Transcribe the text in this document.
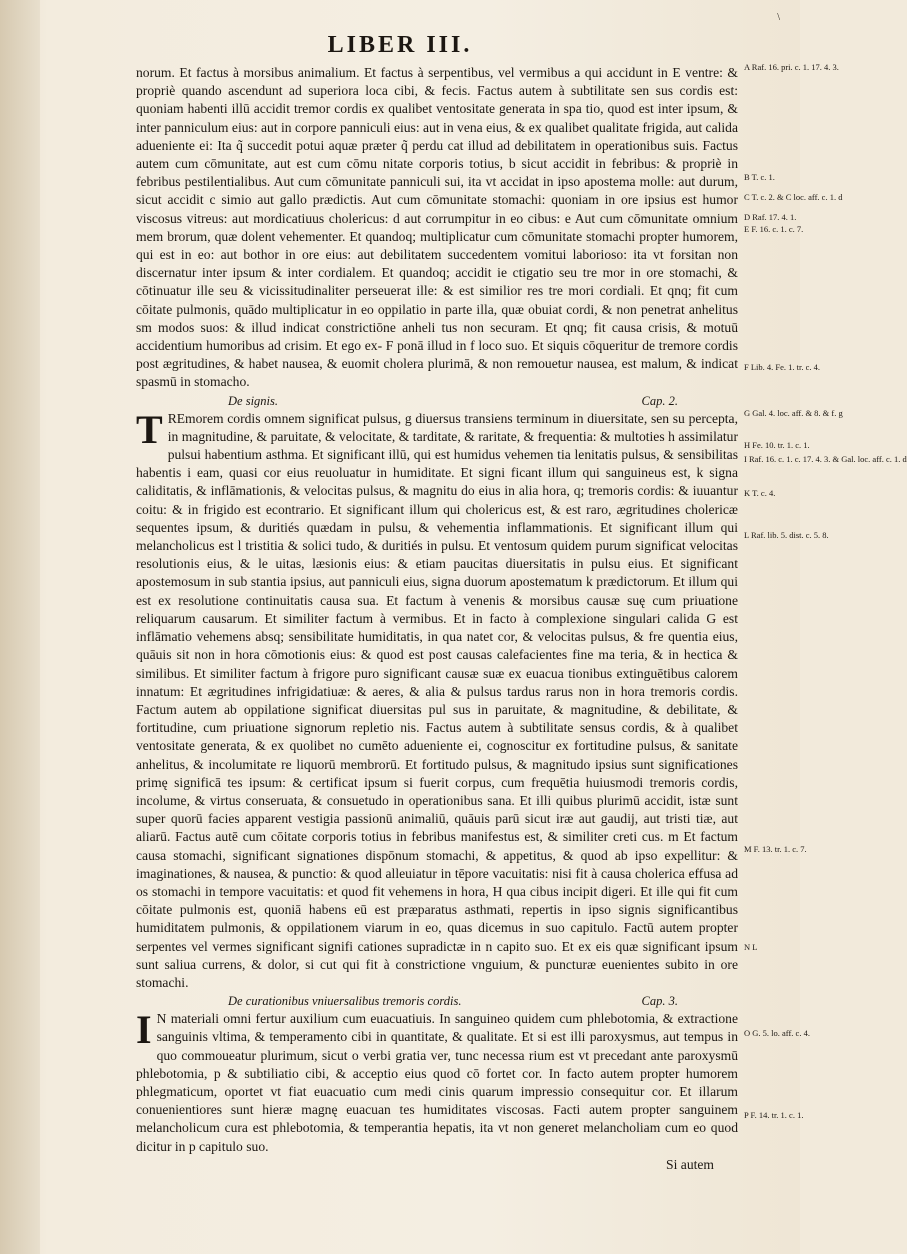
\
LIBER III.

norum. Et factus à morsibus animalium. Et factus à serpentibus, vel vermibus a qui accidunt in E ventre: & propriè quando ascendunt ad superiora loca cibi, & fecis. Factus autem à subtilitate sen sus cordis est: quoniam habenti illū accidit tremor cordis ex qualibet ventositate generata in spa tio, quod est inter ipsum, & inter panniculum eius: aut in corpore panniculi eius: aut in vena eius, & ex qualibet qualitate frigida, aut calida adueniente ei: Ita q̃ succedit potui aquæ præter q̃ perdu cat illud ad debilitatem in operationibus suis. Factus autem cum cōmunitate, aut est cum cōmu nitate corporis totius, b sicut accidit in febribus: & propriè in febribus pestilentialibus. Aut cum cōmunitate panniculi sui, ita vt accidat in ipso apostema molle: aut durum, sicut accidit c simio aut gallo prædictis. Aut cum cōmunitate stomachi: quoniam in ore ipsius est humor viscosus vitreus: aut mordicatiuus cholericus: d aut corrumpitur in eo cibus: e Aut cum cōmunitate omnium mem brorum, quæ dolent vehementer. Et quandoq; multiplicatur cum cōmunitate stomachi propter humorem, qui est in eo: aut bothor in ore eius: aut debilitatem succedentem vomitui laborioso: ita vt forsitan non discernatur inter ipsum & inter cordialem. Et quandoq; accidit ie ctigatio seu tre mor in ore stomachi, & cōtinuatur ille seu & vicissitudinaliter perseuerat ille: & est similior res tre mori cordiali. Et qnq; fit cum cōitate pulmonis, quādo multiplicatur in eo oppilatio in parte illa, quæ obuiat cordi, & non penetrat anhelitus sm modos suos: & illud indicat constrictiōne anheli tus non securam. Et qnq; fit causa crisis, & motuū accidentium humoribus ad crisim. Et ego ex- F ponā illud in f loco suo. Et siquis cōqueritur de tremore cordis post ægritudines, & habet nausea, & euomit cholera plurimā, & non remouetur nausea, est malum, & indicat spasmū in stomacho.

De signis.	Cap. 2.

T REmorem cordis omnem significat pulsus, g diuersus transiens terminum in diuersitate, sen su percepta, in magnitudine, & paruitate, & velocitate, & tarditate, & raritate, & frequentia: & multoties h assimilatur pulsui habentium asthma. Et significant illū, qui est humidus vehemen tia lenitatis pulsus, & sensibilitas habentis i eam, quasi cor eius reuoluatur in humiditate. Et signi ficant illum qui sanguineus est, k signa caliditatis, & inflāmationis, & velocitas pulsus, & magnitu do eius in alia hora, q; tremoris cordis: & iuuantur coitu: & in frigido est econtrario. Et significant illum qui cholericus est, & est raro, ægritudines cholericæ sequentes ipsum, & duritiés quædam in pulsu, & vehementia inflammationis. Et significant illum qui melancholicus est l tristitia & solici tudo, & duritiés in pulsu. Et ventosum quidem purum significat velocitas resolutionis eius, & le uitas, læsionis eius: & etiam paucitas diuersitatis in pulsu eius. Et significant apostemosum in sub stantia ipsius, aut panniculi eius, signa duorum apostematum k prædictorum. Et illum qui est ex resolutione continuitatis causa sua. Et factum à venenis & morsibus causæ suę cum priuatione reliquarum causarum. Et similiter factum à vermibus. Et in facto à complexione singulari calida G est inflāmatio vehemens absq; sensibilitate humiditatis, in qua natet cor, & velocitas pulsus, & fre quentia eius, quāuis sit non in hora cōmotionis eius: & quod est post causas calefacientes fine ma teria, & in hectica & similibus. Et similiter factum à frigore puro significant causæ suæ ex euacua tionibus extinguētibus calorem innatum: Et ægritudines infrigidatiuæ: & aeres, & alia & pulsus tardus rarus non in hora tremoris cordis. Factum autem ab oppilatione significat diuersitas pul sus in paruitate, & magnitudine, & debilitate, & fortitudine, cum priuatione signorum repletio nis. Factus autem à subtilitate sensus cordis, & à qualibet ventositate generata, & ex quolibet no cumēto adueniente ei, cognoscitur ex fortitudine pulsus, & sanitate anhelitus, & incolumitate re liquorū membrorū. Et fortitudo pulsus, & magnitudo ipsius sunt significationes primę significā tes ipsum: & certificat ipsum si fuerit corpus, cum frequētia huiusmodi tremoris cordis, incolume, & virtus conseruata, & consuetudo in operationibus sana. Et illi quibus plurimū accidit, istæ sunt super quorū facies apparent vestigia passionū animaliū, quāuis parū sicut iræ aut gaudij, aut tristi tiæ, aut aliarū. Factus autē cum cōitate corporis totius in febribus manifestus est, & similiter creti cus. m Et factum causa stomachi, significant signationes dispōnum stomachi, & appetitus, & quod ab ipso expellitur: & imaginationes, & nausea, & punctio: & quod alleuiatur in tēpore vacuitatis: nisi fit à causa cholerica effusa ad os stomachi in tempore vacuitatis: et quod fit vehemens in hora, H qua cibus incipit digeri. Et ille qui fit cum cōitate pulmonis est, quoniā habens eū est præparatus asthmati, repertis in ipso signis significantibus humiditatem pulmonis, & oppilationem viarum in eo, quas dicemus in suo capitulo. Factū autem propter serpentes vel vermes significant signifi cationes supradictæ in n capito suo. Et ex eis quæ significant ipsum sunt saliua currens, & dolor, si cut qui fit à constrictione vnguium, & puncturæ euenientes subito in ore stomachi.

De curationibus vniuersalibus tremoris cordis.	Cap. 3.

I N materiali omni fertur auxilium cum euacuatiuis. In sanguineo quidem cum phlebotomia, & extractione sanguinis vltima, & temperamento cibi in quantitate, & qualitate. Et si est illi paroxysmus, aut tempus in quo commoueatur plurimum, sicut o verbi gratia ver, tunc necessa rium est vt precedant ante paroxysmū phlebotomia, p & subtiliatio cibi, & acceptio eius quod cō fortet cor. In facto autem propter humorem phlegmaticum, oportet vt fiat euacuatio cum medi cinis quarum impressio consequitur cor. Et illarum conuenientiores sunt hieræ magnę euacuan tes humiditates viscosas. Facti autem propter sanguinem melancholicum cura est phlebotomia, & temperantia hepatis, ita vt non generet melancholiam cum eo quod dicitur in p capitulo suo.

Si autem
A Raf. 16. pri. c. 1. 17. 4. 3.
B T. c. 1.
C T. c. 2. & C loc. aff. c. 1. d
D Raf. 17. 4. 1.
E F. 16. c. 1. c. 7.
F Lib. 4. Fe. 1. tr. c. 4.
G Gal. 4. loc. aff. & 8. & f. g
H Fe. 10. tr. 1. c. 1.
I Raf. 16. c. 1. c. 17. 4. 3. & Gal. loc. aff. c. 1. d
K T. c. 4.
L Raf. lib. 5. dist. c. 5. 8.
M F. 13. tr. 1. c. 7.
N L
O G. 5. lo. aff. c. 4.
P F. 14. tr. 1. c. 1.
